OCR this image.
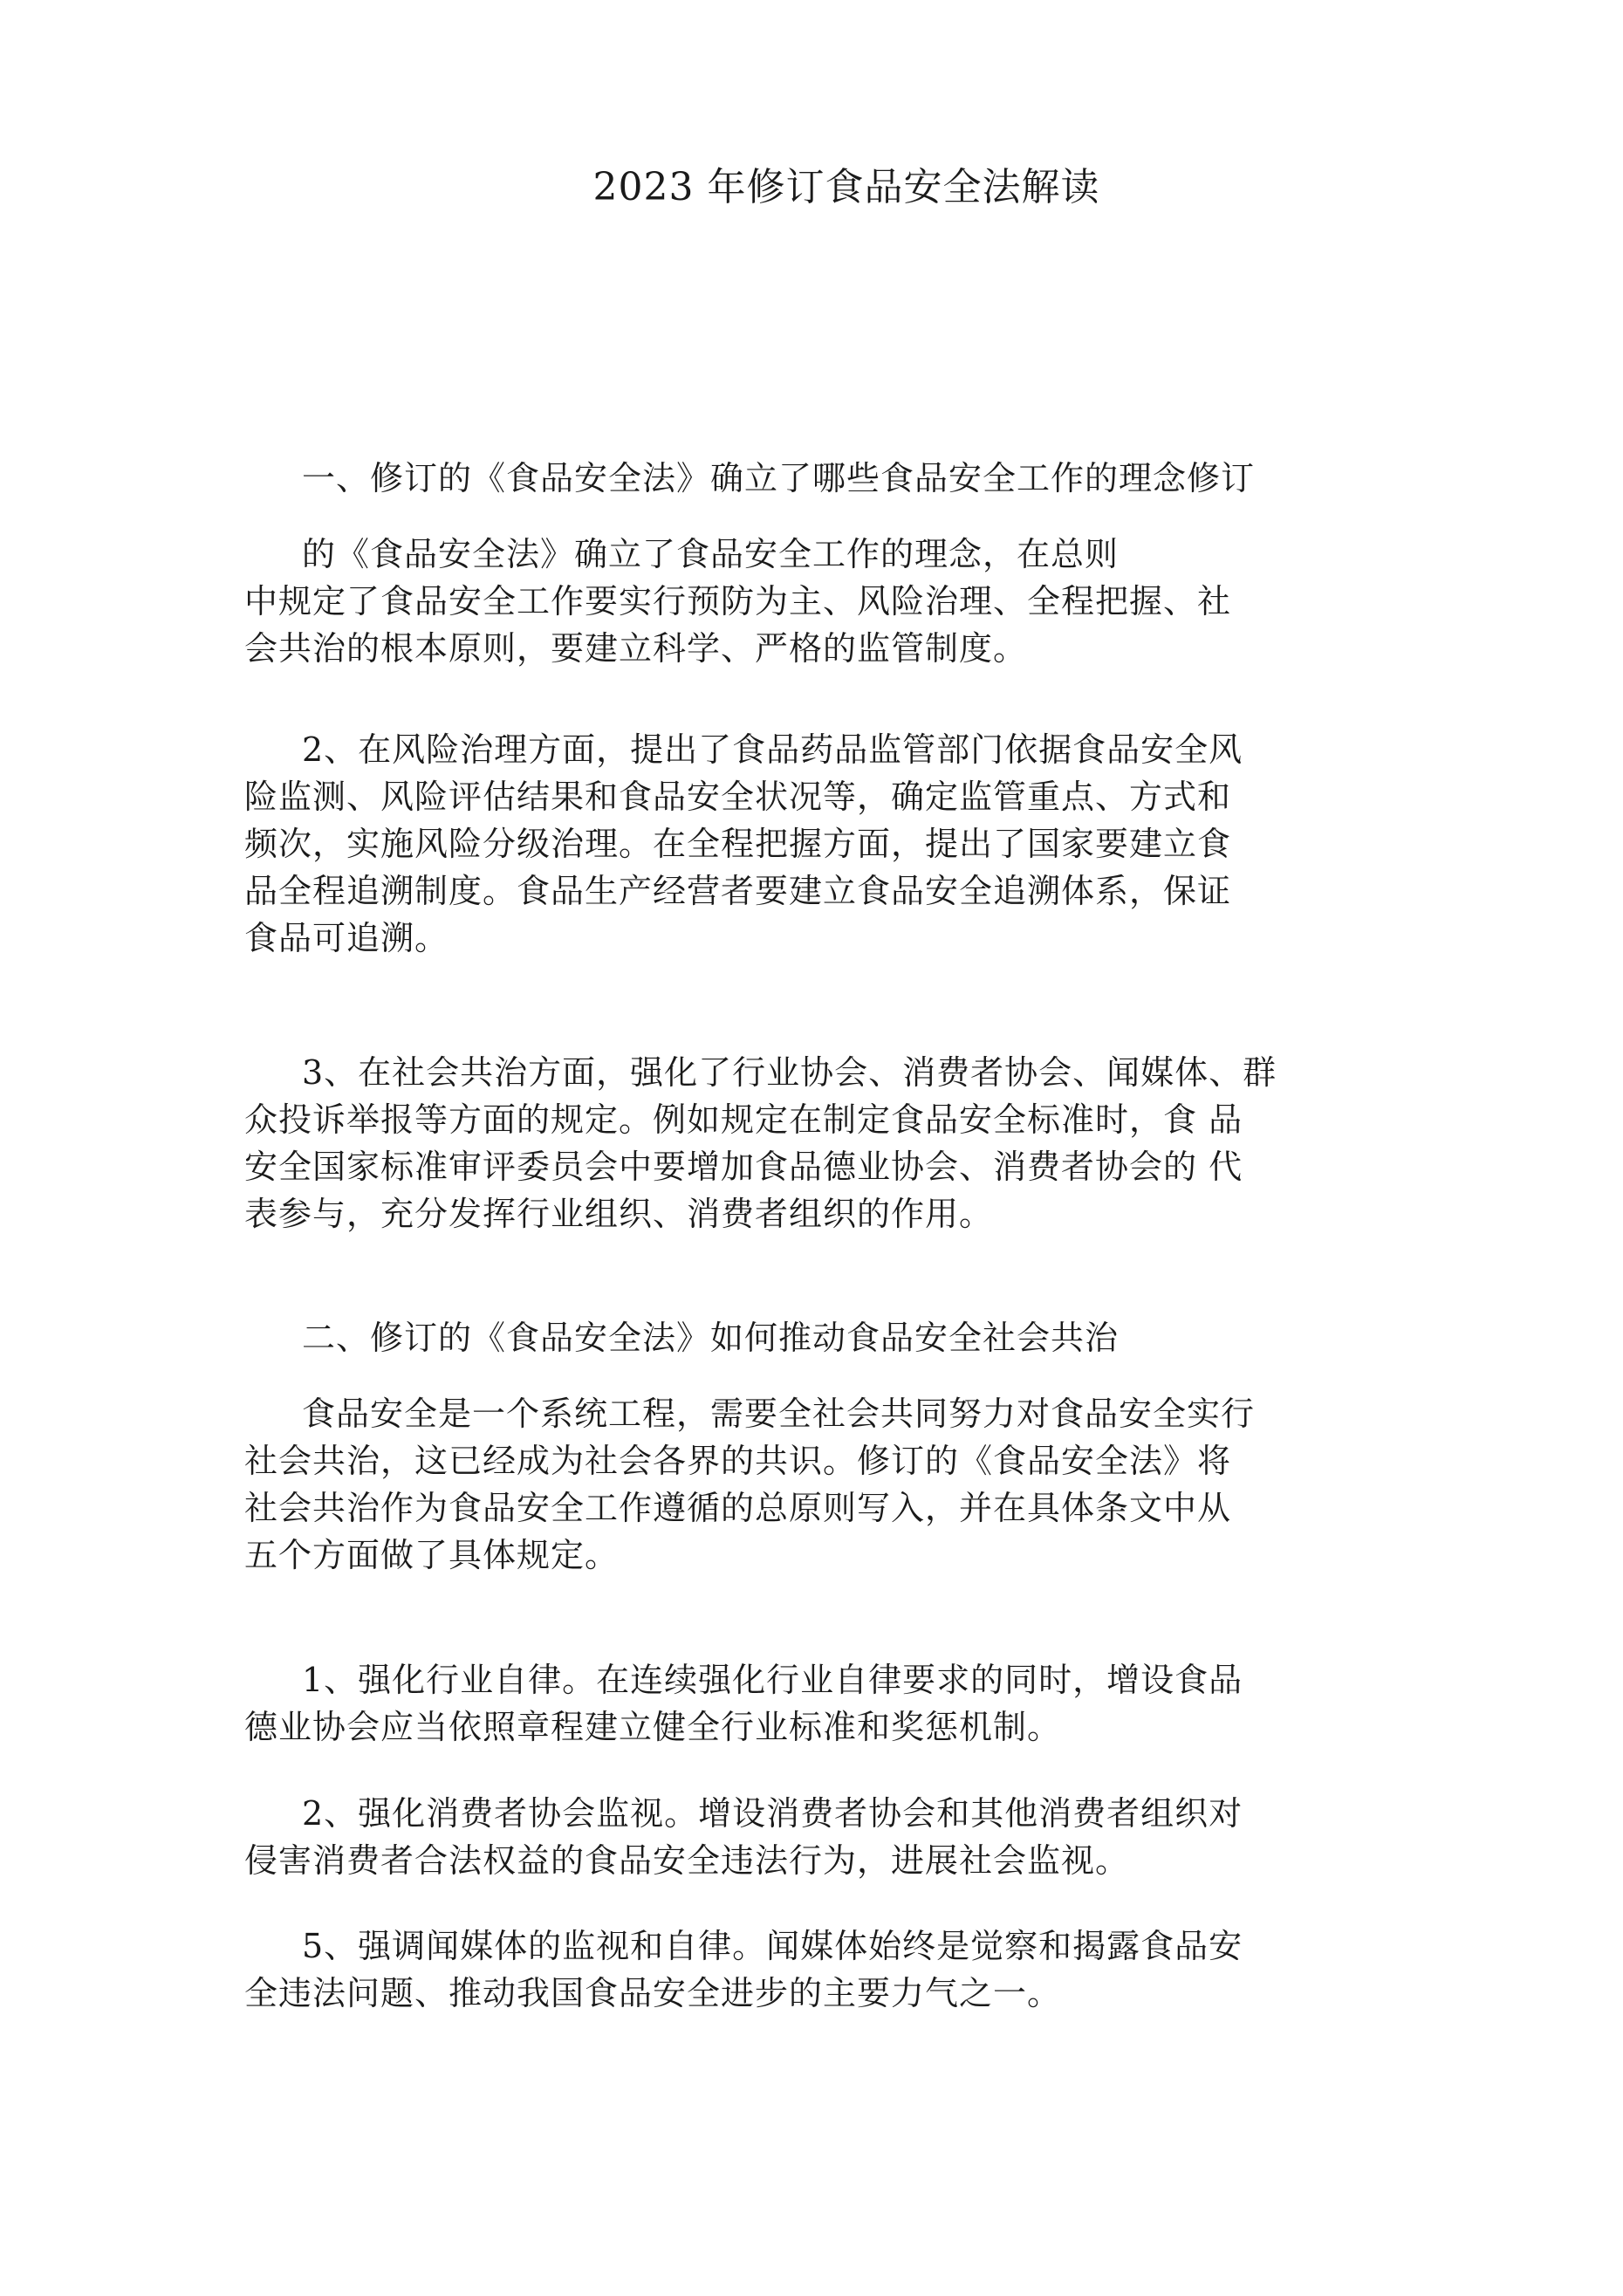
2023 年修订食品安全法解读
一、修订的《食品安全法》确立了哪些食品安全工作的理念修订
的《食品安全法》确立了食品安全工作的理念，在总则
中规定了食品安全工作要实行预防为主、风险治理、全程把握、社
会共治的根本原则，要建立科学、严格的监管制度。
2、在风险治理方面，提出了食品药品监管部门依据食品安全风
险监测、风险评估结果和食品安全状况等，确定监管重点、方式和
频次，实施风险分级治理。在全程把握方面，提出了国家要建立食
品全程追溯制度。食品生产经营者要建立食品安全追溯体系，保证
食品可追溯。
3、在社会共治方面，强化了行业协会、消费者协会、闻媒体、群
众投诉举报等方面的规定。例如规定在制定食品安全标准时，食 品
安全国家标准审评委员会中要增加食品德业协会、消费者协会的 代
表参与，充分发挥行业组织、消费者组织的作用。
二、修订的《食品安全法》如何推动食品安全社会共治
食品安全是一个系统工程，需要全社会共同努力对食品安全实行
社会共治，这已经成为社会各界的共识。修订的《食品安全法》将
社会共治作为食品安全工作遵循的总原则写入，并在具体条文中从
五个方面做了具体规定。
1、强化行业自律。在连续强化行业自律要求的同时，增设食品
德业协会应当依照章程建立健全行业标准和奖惩机制。
2、强化消费者协会监视。增设消费者协会和其他消费者组织对
侵害消费者合法权益的食品安全违法行为，进展社会监视。
5、强调闻媒体的监视和自律。闻媒体始终是觉察和揭露食品安
全违法问题、推动我国食品安全进步的主要力气之一。
